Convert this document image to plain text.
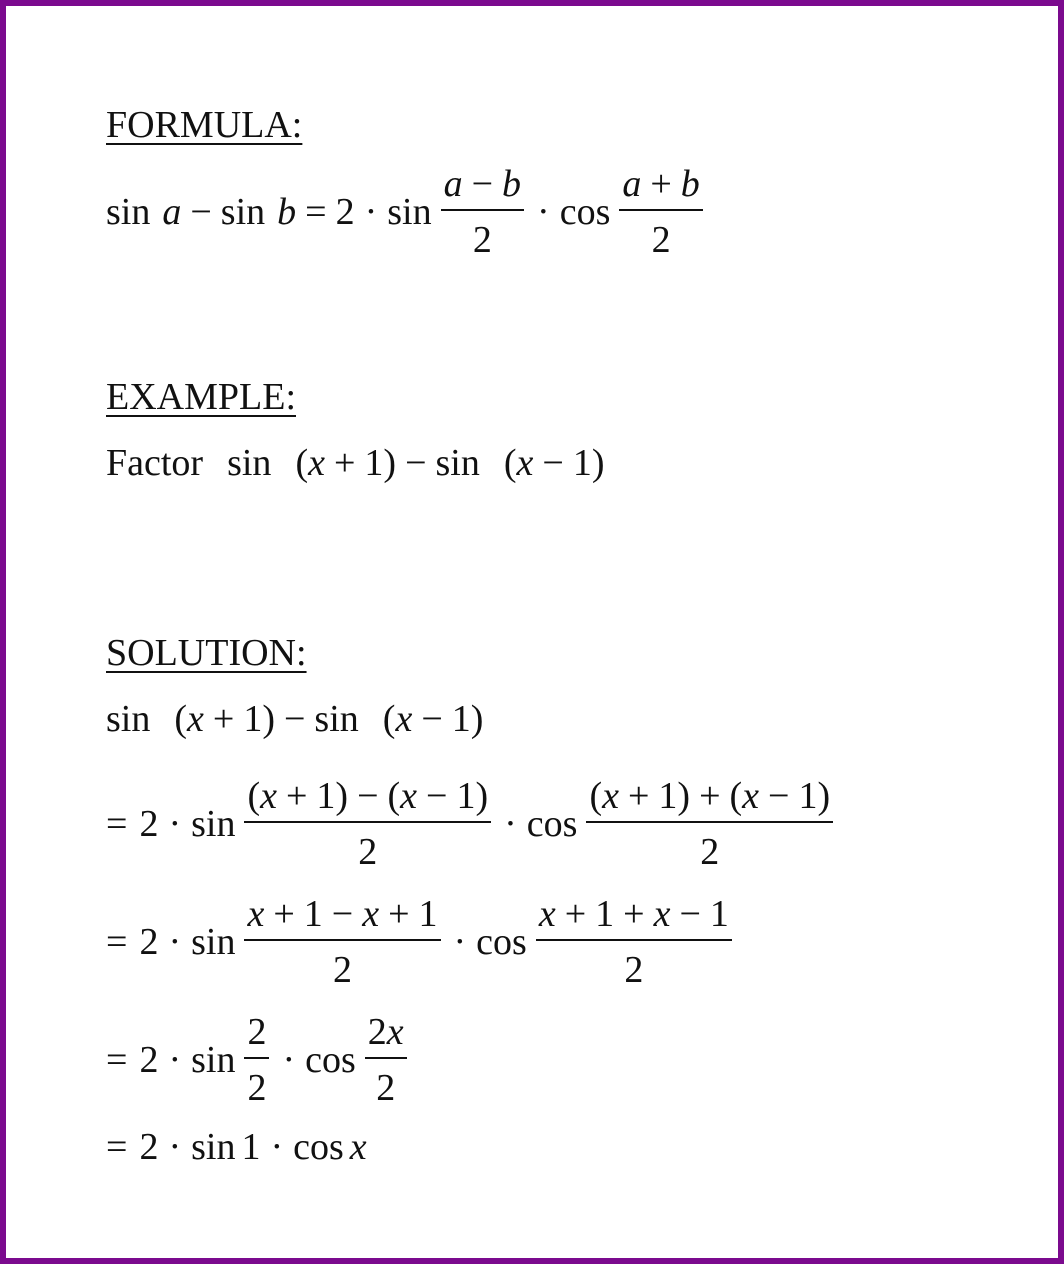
FORMULA:
$\sin a - \sin b = 2 \cdot \sin \frac{a - b}{2} \cdot \cos \frac{a + b}{2}$
EXAMPLE:
Factor sin ( x + 1 ) − sin ( x − 1 )
SOLUTION:
sin ( x + 1 ) − sin ( x − 1 )
= $2 \cdot \sin \frac{(x + 1) - (x - 1)}{2} \cdot \cos \frac{(x + 1) + (x - 1)}{2}$
= $2 \cdot \sin \frac{x + 1 - x + 1}{2} \cdot \cos \frac{x + 1 + x - 1}{2}$
= $2 \cdot \sin \frac{2}{2} \cdot \cos \frac{2x}{2}$
= 2 · sin 1 · cos x
